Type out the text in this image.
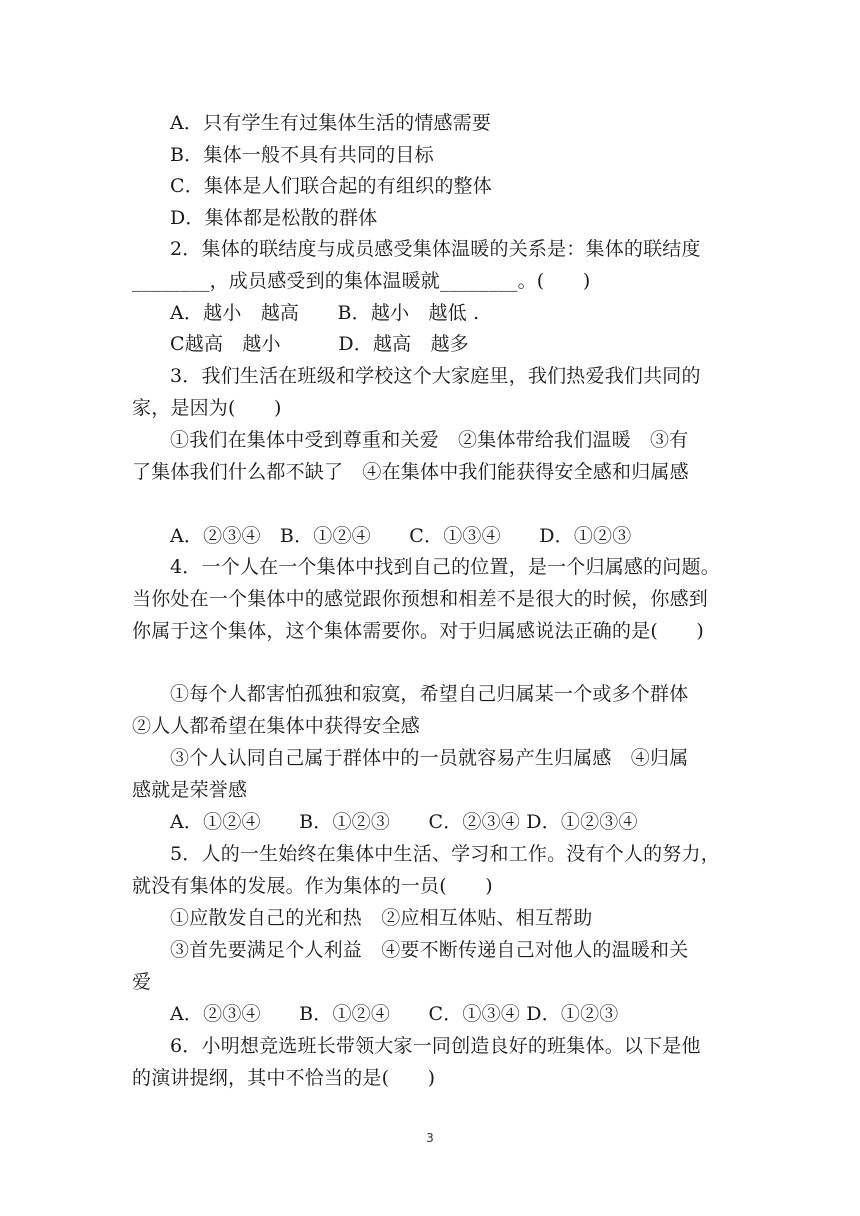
A．只有学生有过集体生活的情感需要
B．集体一般不具有共同的目标
C．集体是人们联合起的有组织的整体
D．集体都是松散的群体
2．集体的联结度与成员感受集体温暖的关系是：集体的联结度
________，成员感受到的集体温暖就________。(　　)
A．越小　越高　　B．越小　越低 .
C越高　越小　　　D．越高　越多
3．我们生活在班级和学校这个大家庭里，我们热爱我们共同的
家，是因为(　　)
①我们在集体中受到尊重和关爱　②集体带给我们温暖　③有
了集体我们什么都不缺了　④在集体中我们能获得安全感和归属感
A．②③④　B．①②④　　C．①③④　　D．①②③
4．一个人在一个集体中找到自己的位置，是一个归属感的问题。
当你处在一个集体中的感觉跟你预想和相差不是很大的时候，你感到
你属于这个集体，这个集体需要你。对于归属感说法正确的是(　　)
①每个人都害怕孤独和寂寞，希望自己归属某一个或多个群体
②人人都希望在集体中获得安全感
③个人认同自己属于群体中的一员就容易产生归属感　④归属
感就是荣誉感
A．①②④　　B．①②③　　C．②③④ D．①②③④
5．人的一生始终在集体中生活、学习和工作。没有个人的努力，
就没有集体的发展。作为集体的一员(　　)
①应散发自己的光和热　②应相互体贴、相互帮助
③首先要满足个人利益　④要不断传递自己对他人的温暖和关
爱
A．②③④　　B．①②④　　C．①③④ D．①②③
6．小明想竞选班长带领大家一同创造良好的班集体。以下是他
的演讲提纲，其中不恰当的是(　　)
3
